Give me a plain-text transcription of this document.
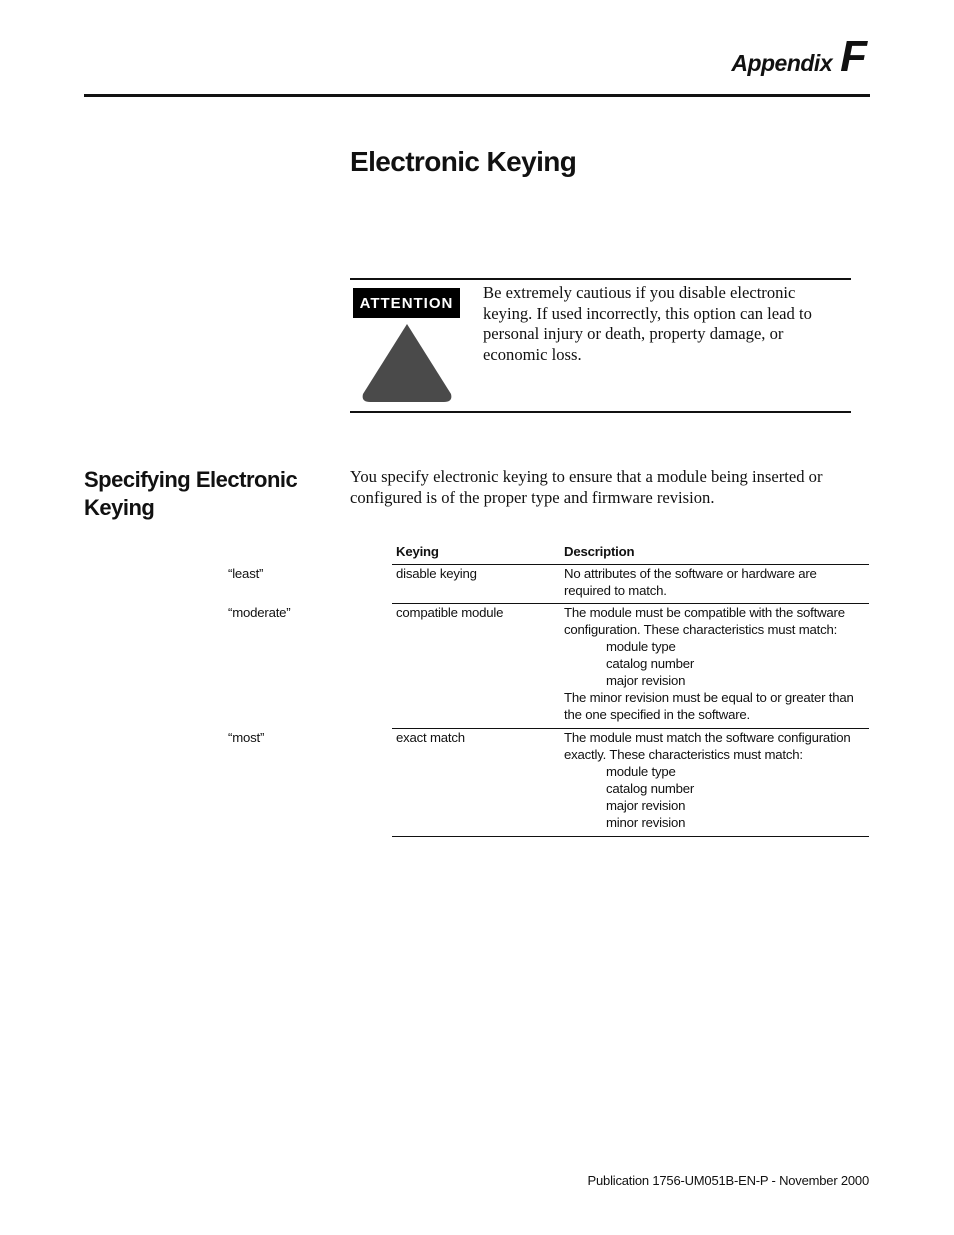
Appendix F
Electronic Keying
ATTENTION
Be extremely cautious if you disable electronic keying. If used incorrectly, this option can lead to personal injury or death, property damage, or economic loss.
Specifying Electronic Keying
You specify electronic keying to ensure that a module being inserted or configured is of the proper type and firmware revision.
Keying	Description
“least”	disable keying	No attributes of the software or hardware are
required to match.
“moderate”	compatible module	The module must be compatible with the software
configuration. These characteristics must match:
module type
catalog number
major revision
The minor revision must be equal to or greater than
the one specified in the software.
“most”	exact match	The module must match the software configuration
exactly. These characteristics must match:
module type
catalog number
major revision
minor revision
Publication 1756-UM051B-EN-P - November 2000
